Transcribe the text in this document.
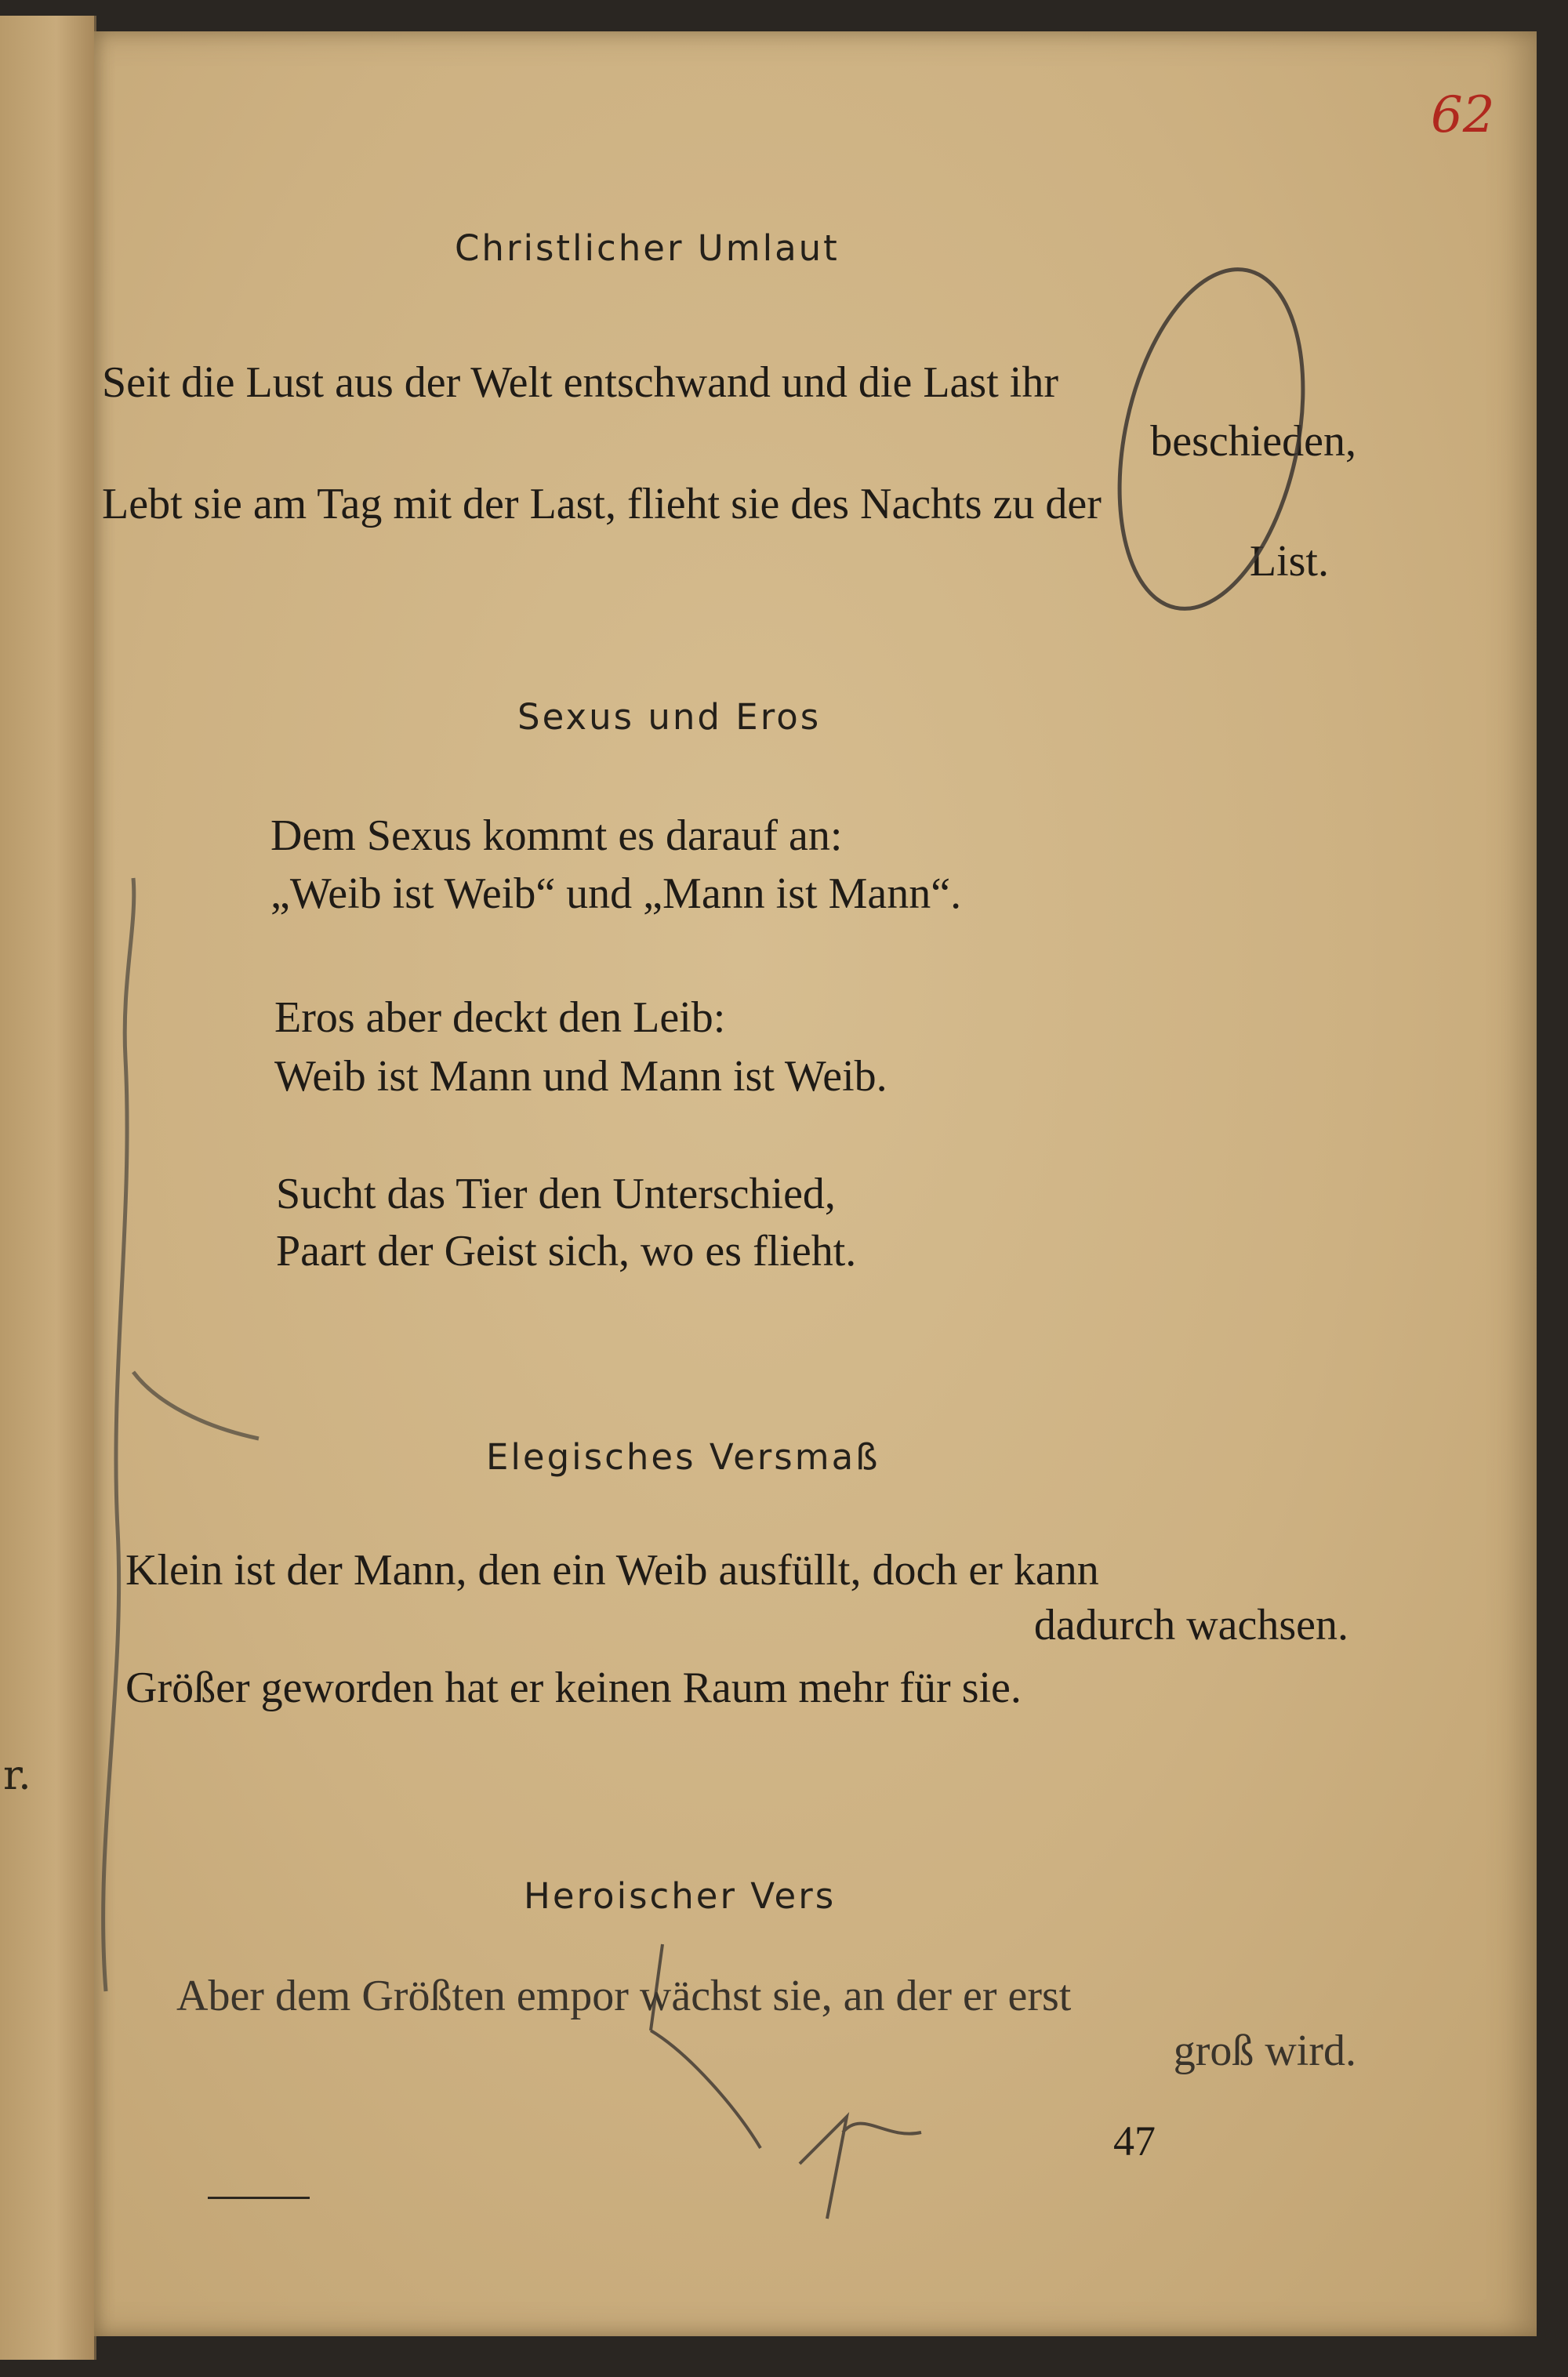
r.
62
Christlicher Umlaut
Seit die Lust aus der Welt entschwand und die Last ihr
beschieden,
Lebt sie am Tag mit der Last, flieht sie des Nachts zu der
List.
Sexus und Eros
Dem Sexus kommt es darauf an:
„Weib ist Weib“ und „Mann ist Mann“.
Eros aber deckt den Leib:
Weib ist Mann und Mann ist Weib.
Sucht das Tier den Unterschied,
Paart der Geist sich, wo es flieht.
Elegisches Versmaß
Klein ist der Mann, den ein Weib ausfüllt, doch er kann
dadurch wachsen.
Größer geworden hat er keinen Raum mehr für sie.
Heroischer Vers
Aber dem Größten empor wächst sie, an der er erst
groß wird.
47
